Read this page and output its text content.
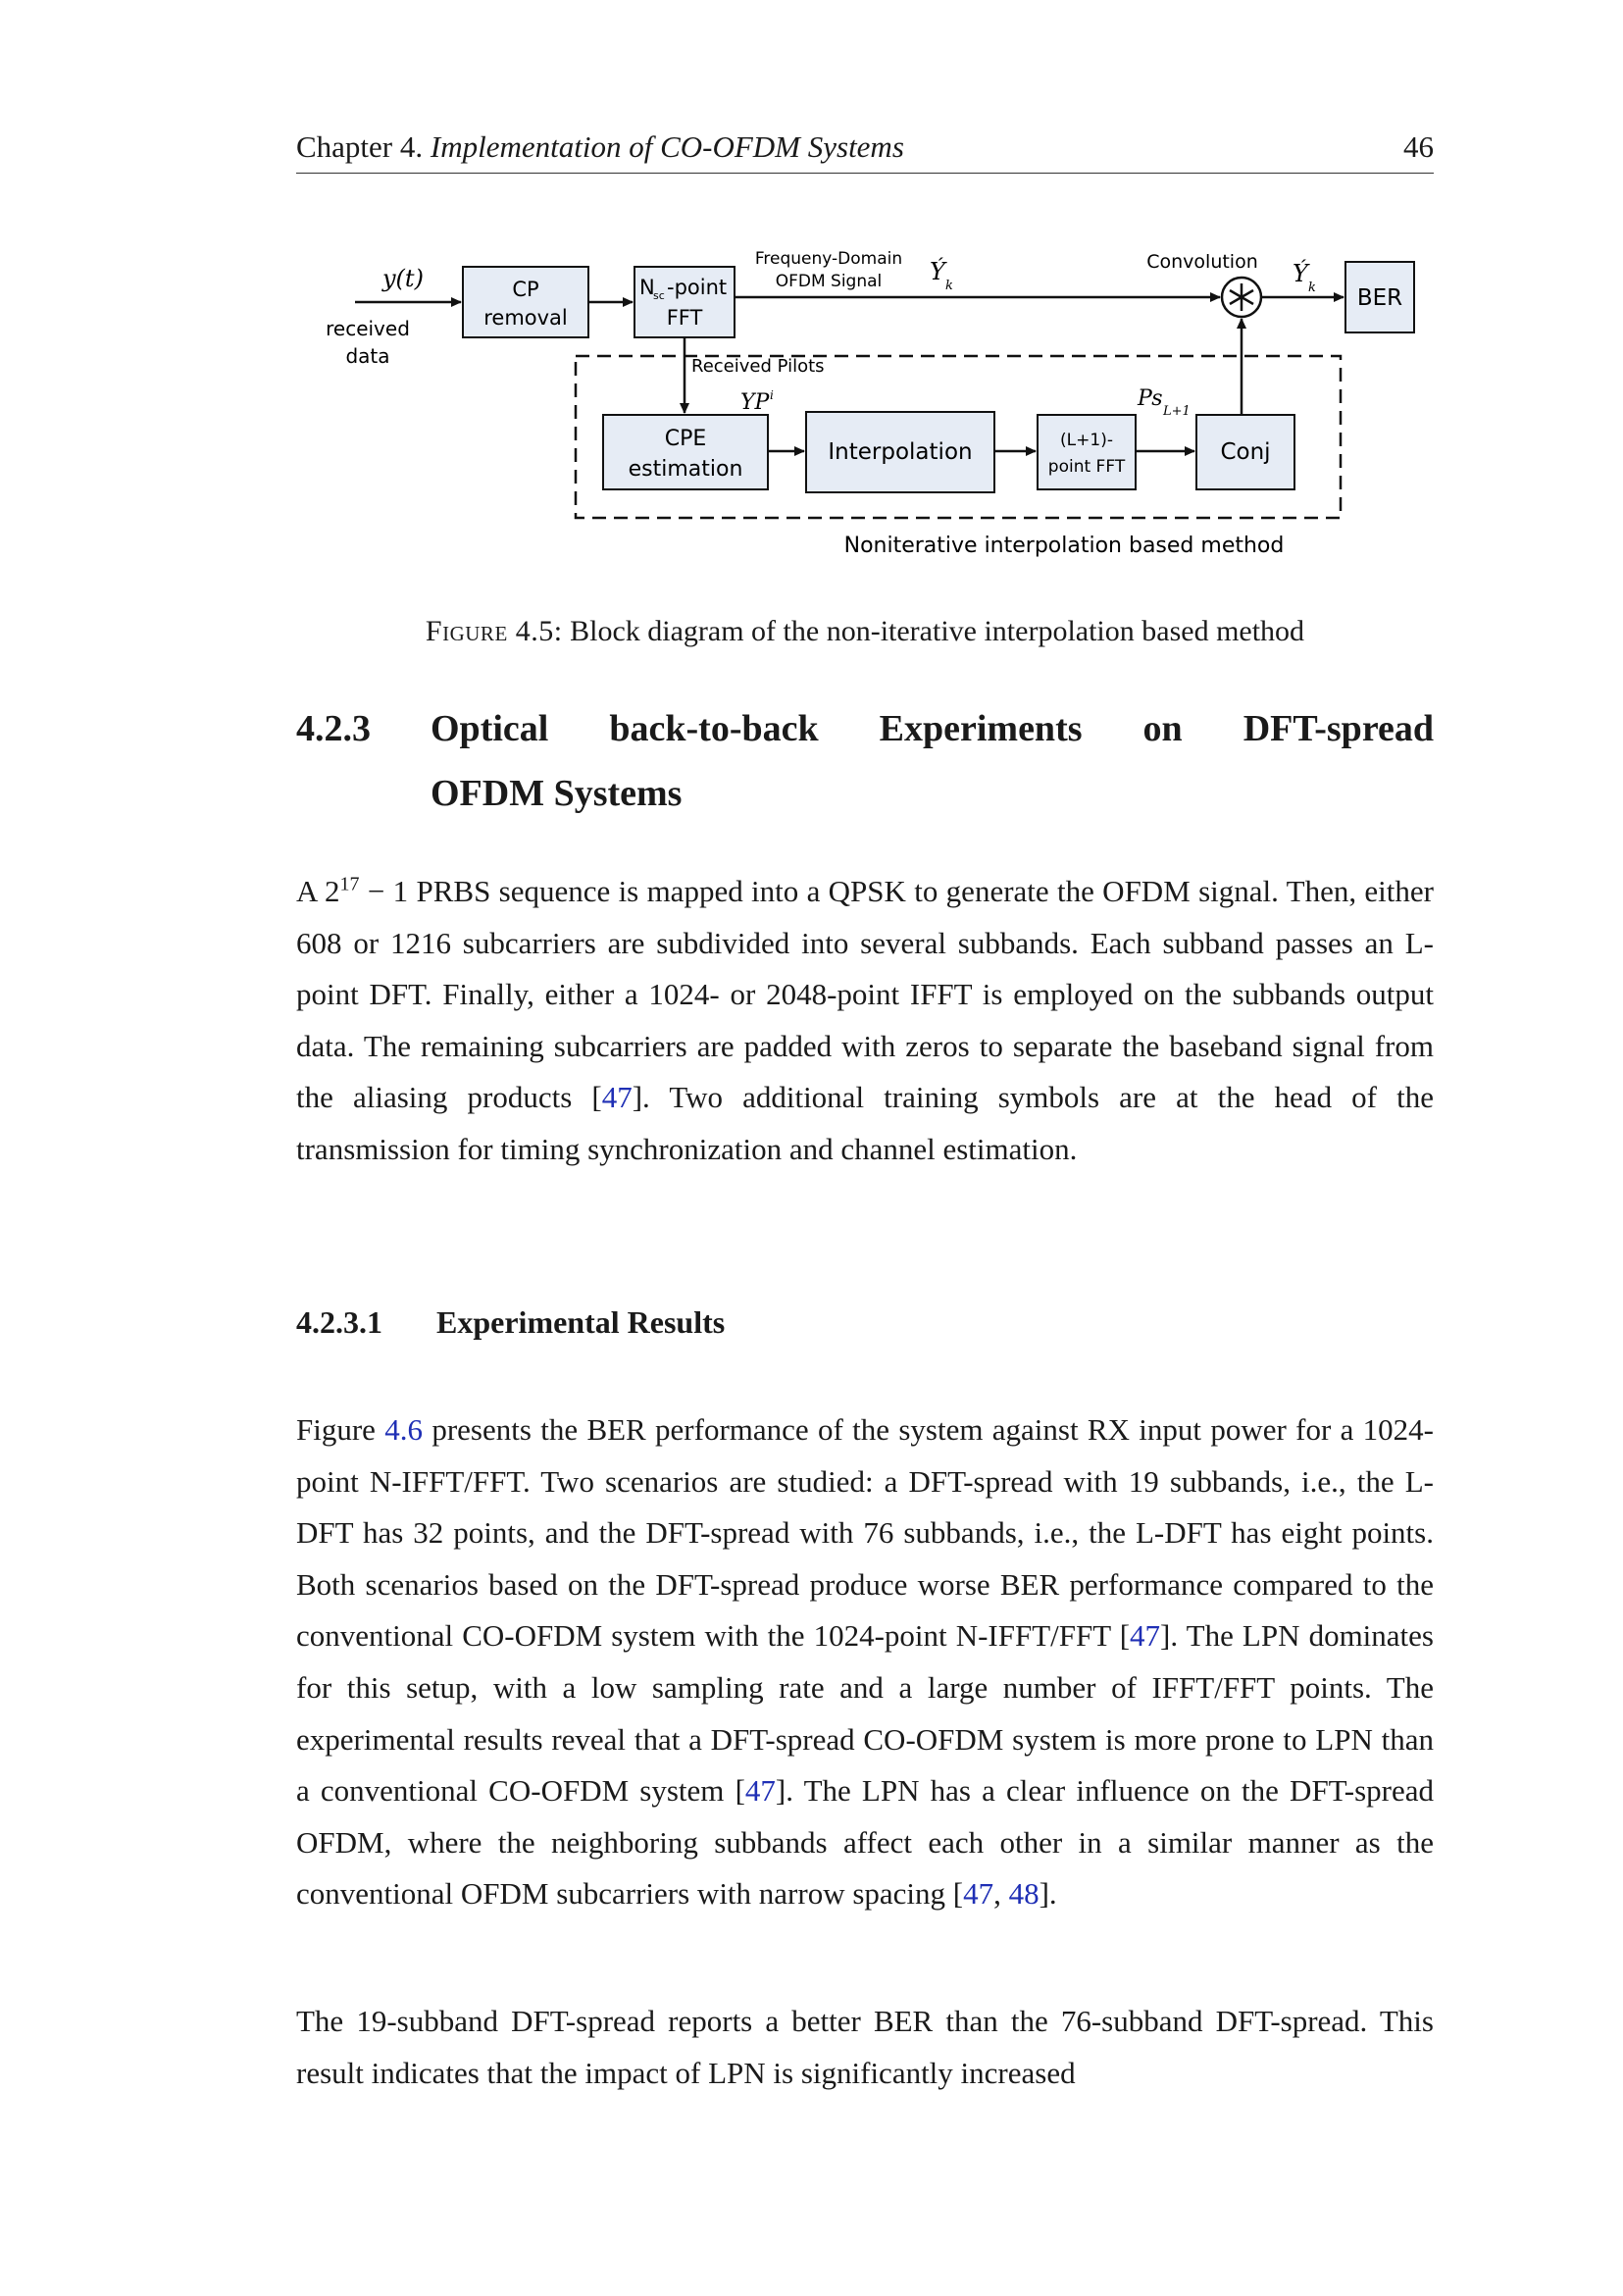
Chapter 4. Implementation of CO-OFDM Systems	46
y(t)
received
data
CP
removal
N
sc -point
FFT
Frequeny-Domain
OFDM Signal Ý
k
Convolution Ý
k BER
Received Pilots
YP i
CPE
estimation
Interpolation	(L+1)-
point FFT
Ps
L+1
Conj
Noniterative interpolation based method
Figure 4.5: Block diagram of the non-iterative interpolation based method
4.2.3 Optical back-to-back Experiments on DFT-spread
OFDM Systems
A $2^{17} - 1$ PRBS sequence is mapped into a QPSK to generate the OFDM signal. Then, either 608 or 1216 subcarriers are subdivided into several subbands. Each subband passes an L-point DFT. Finally, either a 1024- or 2048-point IFFT is employed on the subbands output data. The remaining subcarriers are padded with zeros to separate the baseband signal from the aliasing products [47]. Two additional training symbols are at the head of the transmission for timing synchronization and channel estimation.
4.2.3.1 Experimental Results
Figure 4.6 presents the BER performance of the system against RX input power for a 1024-point N-IFFT/FFT. Two scenarios are studied: a DFT-spread with 19 subbands, i.e., the L-DFT has 32 points, and the DFT-spread with 76 subbands, i.e., the L-DFT has eight points. Both scenarios based on the DFT-spread produce worse BER performance compared to the conventional CO-OFDM system with the 1024-point N-IFFT/FFT [47]. The LPN dominates for this setup, with a low sampling rate and a large number of IFFT/FFT points. The experimental results reveal that a DFT-spread CO-OFDM system is more prone to LPN than a conventional CO-OFDM system [47]. The LPN has a clear influence on the DFT-spread OFDM, where the neighboring subbands affect each other in a similar manner as the conventional OFDM subcarriers with narrow spacing [47, 48].
The 19-subband DFT-spread reports a better BER than the 76-subband DFT-spread. This result indicates that the impact of LPN is significantly increased
